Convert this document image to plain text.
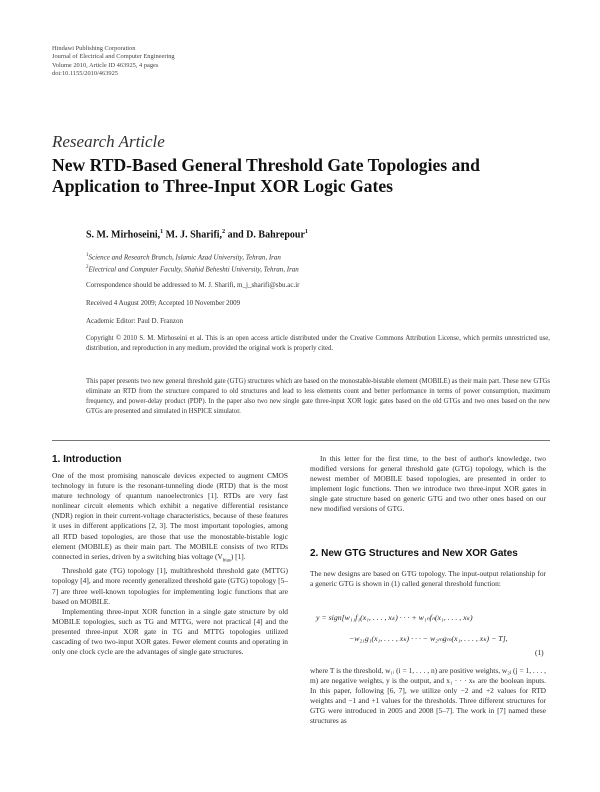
Hindawi Publishing Corporation
Journal of Electrical and Computer Engineering
Volume 2010, Article ID 463925, 4 pages
doi:10.1155/2010/463925
Research Article
New RTD-Based General Threshold Gate Topologies and Application to Three-Input XOR Logic Gates
S. M. Mirhoseini,$^1$ M. J. Sharifi,$^2$ and D. Bahrepour$^1$
$^1$Science and Research Branch, Islamic Azad University, Tehran, Iran
$^2$Electrical and Computer Faculty, Shahid Beheshti University, Tehran, Iran
Correspondence should be addressed to M. J. Sharifi, m_j_sharifi@sbu.ac.ir
Received 4 August 2009; Accepted 10 November 2009
Academic Editor: Paul D. Franzon
Copyright © 2010 S. M. Mirhoseini et al. This is an open access article distributed under the Creative Commons Attribution License, which permits unrestricted use, distribution, and reproduction in any medium, provided the original work is properly cited.
This paper presents two new general threshold gate (GTG) structures which are based on the monostable-bistable element (MOBILE) as their main part. These new GTGs eliminate an RTD from the structure compared to old structures and lead to less elements count and better performance in terms of power consumption, maximum frequency, and power-delay product (PDP). In the paper also two new single gate three-input XOR logic gates based on the old GTGs and two ones based on the new GTGs are presented and simulated in HSPICE simulator.
1. Introduction

One of the most promising nanoscale devices expected to augment CMOS technology in future is the resonant-tunneling diode (RTD) that is the most mature technology of quantum nanoelectronics [1]. RTDs are very fast nonlinear circuit elements which exhibit a negative differential resistance (NDR) region in their current-voltage characteristics, because of these features it uses in different applications [2, 3]. The most important topologies, among all RTD based topologies, are those that use the monostable-bistable logic element (MOBILE) as their main part. The MOBILE consists of two RTDs connected in series, driven by a switching bias voltage $(V_{bias})$ [1].

Threshold gate (TG) topology [1], multithreshold threshold gate (MTTG) topology [4], and more recently generalized threshold gate (GTG) topology [5–7] are three well-known topologies for implementing logic functions that are based on MOBILE.

Implementing three-input XOR function in a single gate structure by old MOBILE topologies, such as TG and MTTG, were not practical [4] and the presented three-input XOR gate in TG and MTTG topologies utilized cascading of two two-input XOR gates. Fewer element counts and operating in only one clock cycle are the advantages of single gate structures.

In this letter for the first time, to the best of author's knowledge, two modified versions for general threshold gate (GTG) topology, which is the newest member of MOBILE based topologies, are presented in order to implement logic functions. Then we introduce two three-input XOR gates in single gate structure based on generic GTG and two other ones based on our new modified versions of GTG.

2. New GTG Structures and New XOR Gates

The new designs are based on GTG topology. The input-output relationship for a generic GTG is shown in (1) called general threshold function:

y = sign[w₁₁f₁(x₁, . . . , xₖ) · · · + w₁ₙfₙ(x₁, . . . , xₖ)
−w₂₁g₁(x₁, . . . , xₖ) · · · − w₂ₘgₘ(x₁, . . . , xₖ) − T],
(1)

where T is the threshold, w₁ᵢ (i = 1, . . . , n) are positive weights, w₂ⱼ (j = 1, . . . , m) are negative weights, y is the output, and x₁ · · · xₖ are the boolean inputs. In this paper, following [6, 7], we utilize only −2 and +2 values for RTD weights and −1 and +1 values for the thresholds. Three different structures for GTG were introduced in 2005 and 2008 [5–7]. The work in [7] named these structures as
